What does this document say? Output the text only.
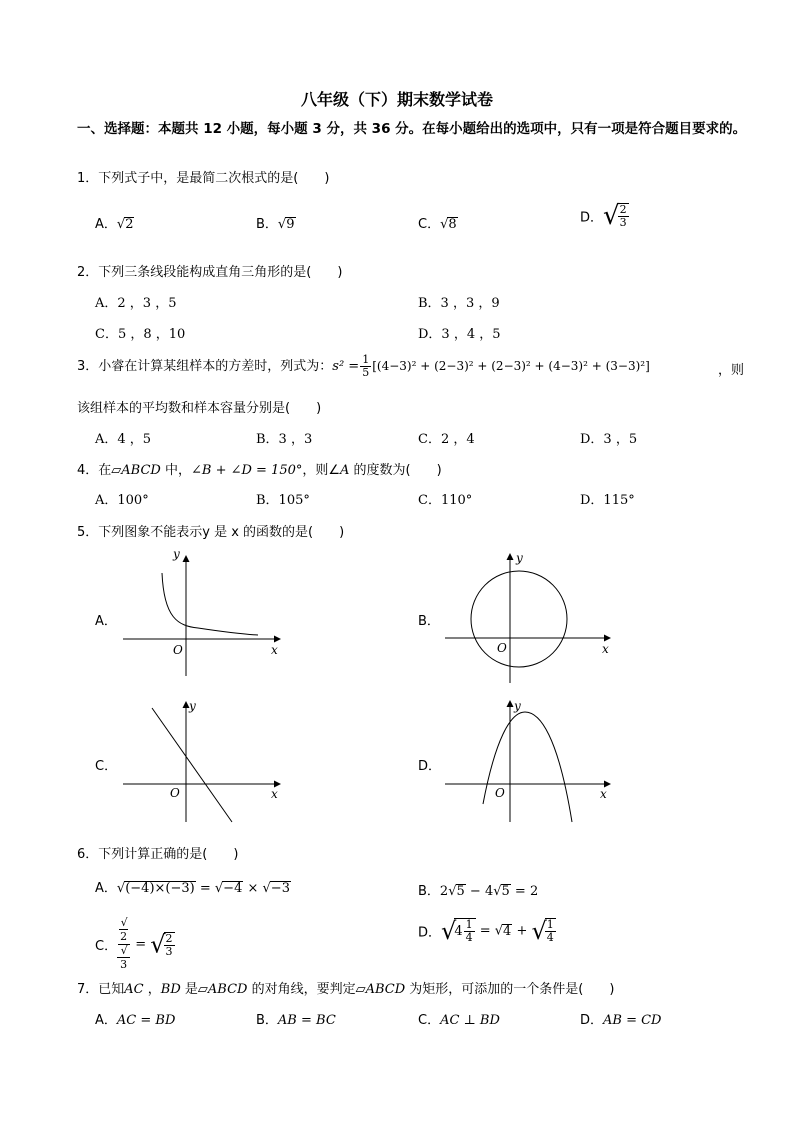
八年级（下）期末数学试卷
一、选择题：本题共 12 小题，每小题 3 分，共 36 分。在每小题给出的选项中，只有一项是符合题目要求的。
1．下列式子中，是最简二次根式的是(　　)
A．√2	B．√9	C．√8	D．√
$\frac{2}{3}$
2．下列三条线段能构成直角三角形的是(　　)
A．2 ，3 ，5	B．3 ，3 ，9
C．5 ，8 ，10	D．3 ，4 ，5
3．小睿在计算某组样本的方差时，列式为：$s^2 = \frac{1}{5} [(4-3)^2 + (2-3)^2 + (2-3)^2 + (4-3)^2 + (3-3)^2]$	，则
该组样本的平均数和样本容量分别是(　　)
A．4 ，5	B．3 ，3	C．2 ，4	D．3 ，5
4．在▱ABCD 中，∠B + ∠D = 150°，则∠A 的度数为(　　)
A．100°	B．105°	C．110°	D．115°
5．下列图象不能表示y 是 x 的函数的是(　　)
A．
y
O	x
B．
y
O	x
C．
y
O	x
D．
y
O	x
6．下列计算正确的是(　　)
A．√(−4)×(−3) = √−4 × √−3	B．2√5 − 4√5 = 2
C． √
2
√
3 = √
$\frac{2}{3}$	D．$√4 \frac{1}{4} = √4$ + √
$\frac{1}{4}$
7．已知AC ，BD 是▱ABCD 的对角线，要判定▱ABCD 为矩形，可添加的一个条件是(　　)
A．AC = BD	B．AB = BC	C．AC ⊥ BD	D．AB = CD
